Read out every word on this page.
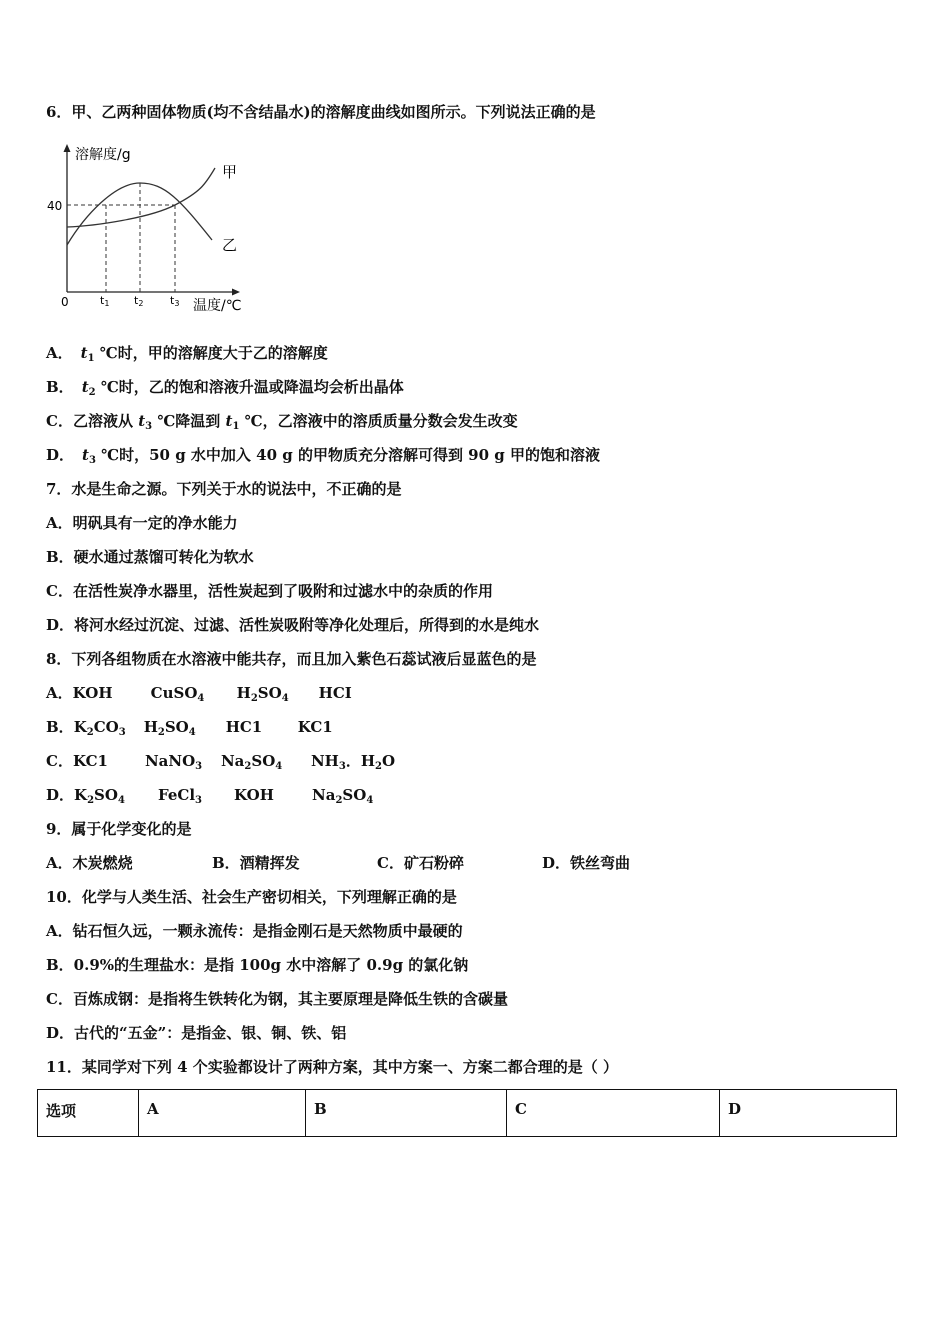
6．甲、乙两种固体物质(均不含结晶水)的溶解度曲线如图所示。下列说法正确的是
溶解度/g
40
0	t1 t2 t3 温度/℃
甲
乙
A． $t_1$ ℃时，甲的溶解度大于乙的溶解度
B． $t_2$ ℃时，乙的饱和溶液升温或降温均会析出晶体
C．乙溶液从 $t_3$ ℃降温到 $t_1$ ℃，乙溶液中的溶质质量分数会发生改变
D． $t_3$ ℃时，50 g 水中加入 40 g 的甲物质充分溶解可得到 90 g 甲的饱和溶液
7．水是生命之源。下列关于水的说法中，不正确的是
A．明矾具有一定的净水能力
B．硬水通过蒸馏可转化为软水
C．在活性炭净水器里，活性炭起到了吸附和过滤水中的杂质的作用
D．将河水经过沉淀、过滤、活性炭吸附等净化处理后，所得到的水是纯水
8．下列各组物质在水溶液中能共存，而且加入紫色石蕊试液后显蓝色的是
A．KOH	CuSO$_4$ $H_2SO_4$ HCI
B．$K_2CO_3$ $H_2SO_4$ HC1 KC1
C．KC1 NaNO$_3$ $Na_2SO_4$ $NH_3$．$H_2O$
D．$K_2SO_4$ FeCl$_3$ KOH	$Na_2SO_4$
9．属于化学变化的是
A．木炭燃烧	B．酒精挥发	C．矿石粉碎	D．铁丝弯曲
10．化学与人类生活、社会生产密切相关，下列理解正确的是
A．钻石恒久远，一颗永流传：是指金刚石是天然物质中最硬的
B．0.9%的生理盐水：是指 100g 水中溶解了 0.9g 的氯化钠
C．百炼成钢：是指将生铁转化为钢，其主要原理是降低生铁的含碳量
D．古代的“五金”：是指金、银、铜、铁、铝
11．某同学对下列 4 个实验都设计了两种方案，其中方案一、方案二都合理的是（ ）
选项	A	B	C	D
